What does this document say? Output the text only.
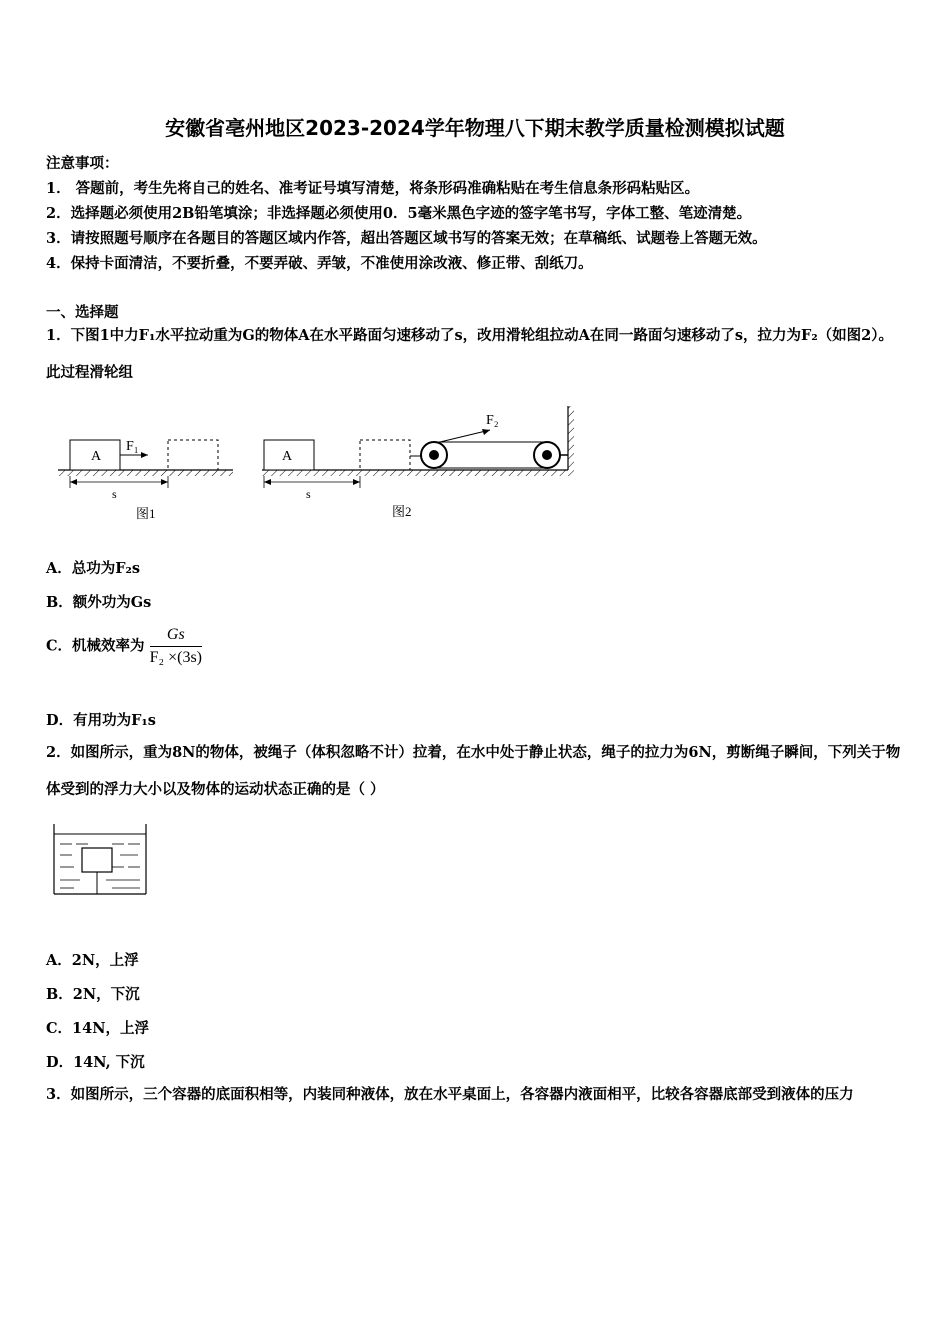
安徽省亳州地区2023-2024学年物理八下期末教学质量检测模拟试题
注意事项：
1． 答题前，考生先将自己的姓名、准考证号填写清楚，将条形码准确粘贴在考生信息条形码粘贴区。
2．选择题必须使用2B铅笔填涂；非选择题必须使用0．5毫米黑色字迹的签字笔书写，字体工整、笔迹清楚。
3．请按照题号顺序在各题目的答题区域内作答，超出答题区域书写的答案无效；在草稿纸、试题卷上答题无效。
4．保持卡面清洁，不要折叠，不要弄破、弄皱，不准使用涂改液、修正带、刮纸刀。
一、选择题
1．下图1中力F₁水平拉动重为G的物体A在水平路面匀速移动了s，改用滑轮组拉动A在同一路面匀速移动了s，拉力为F₂（如图2）。此过程滑轮组
A
F₁
s
图1
A
F₂
s
图2
A．总功为F₂s
B．额外功为Gs
C．机械效率为 $\frac{Gs}{\text{F₂ ×(3s)}}$
D．有用功为F₁s
2．如图所示，重为8N的物体，被绳子（体积忽略不计）拉着，在水中处于静止状态，绳子的拉力为6N，剪断绳子瞬间，下列关于物体受到的浮力大小以及物体的运动状态正确的是（ ）
A．2N，上浮
B．2N，下沉
C．14N，上浮
D．14N, 下沉
3．如图所示，三个容器的底面积相等，内装同种液体，放在水平桌面上，各容器内液面相平，比较各容器底部受到液体的压力
